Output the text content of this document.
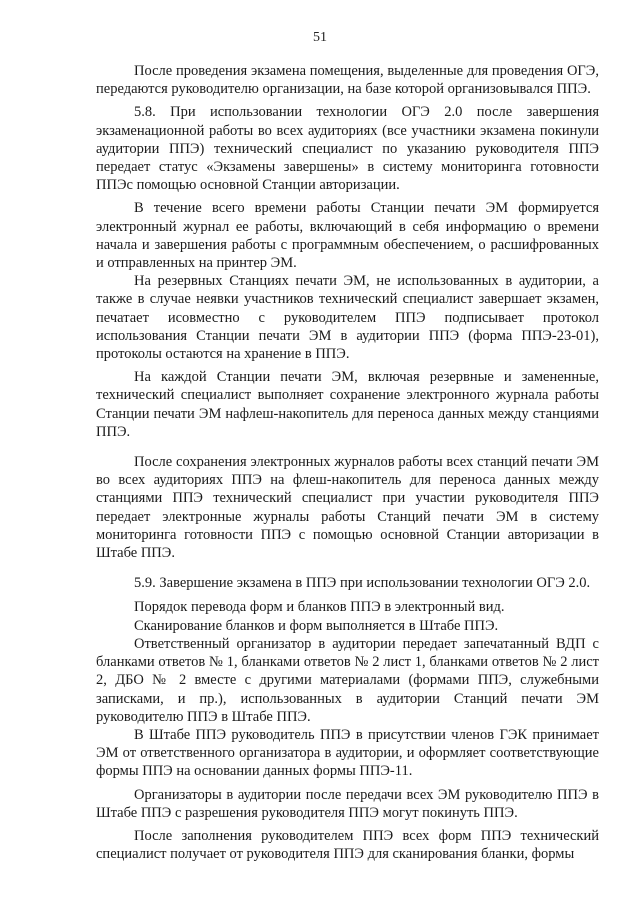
51

После проведения экзамена помещения, выделенные для проведения ОГЭ, передаются руководителю организации, на базе которой организовывался ППЭ.

5.8. При использовании технологии ОГЭ 2.0 после завершения экзаменационной работы во всех аудиториях (все участники экзамена покинули аудитории ППЭ) технический специалист по указанию руководителя ППЭ передает статус «Экзамены завершены» в систему мониторинга готовности ППЭс помощью основной Станции авторизации.

В течение всего времени работы Станции печати ЭМ формируется электронный журнал ее работы, включающий в себя информацию о времени начала и завершения работы с программным обеспечением, о расшифрованных и отправленных на принтер ЭМ.

На резервных Станциях печати ЭМ, не использованных в аудитории, а также в случае неявки участников технический специалист завершает экзамен, печатает исовместно с руководителем ППЭ подписывает протокол использования Станции печати ЭМ в аудитории ППЭ (форма ППЭ-23-01), протоколы остаются на хранение в ППЭ.

На каждой Станции печати ЭМ, включая резервные и замененные, технический специалист выполняет сохранение электронного журнала работы Станции печати ЭМ нафлеш-накопитель для переноса данных между станциями ППЭ.

После сохранения электронных журналов работы всех станций печати ЭМ во всех аудиториях ППЭ на флеш-накопитель для переноса данных между станциями ППЭ технический специалист при участии руководителя ППЭ передает электронные журналы работы Станций печати ЭМ в систему мониторинга готовности ППЭ с помощью основной Станции авторизации в Штабе ППЭ.

5.9. Завершение экзамена в ППЭ при использовании технологии ОГЭ 2.0.

Порядок перевода форм и бланков ППЭ в электронный вид.

Сканирование бланков и форм выполняется в Штабе ППЭ.

Ответственный организатор в аудитории передает запечатанный ВДП с бланками ответов № 1, бланками ответов № 2 лист 1, бланками ответов № 2 лист 2, ДБО № 2 вместе с другими материалами (формами ППЭ, служебными записками, и пр.), использованных в аудитории Станций печати ЭМ руководителю ППЭ в Штабе ППЭ.

В Штабе ППЭ руководитель ППЭ в присутствии членов ГЭК принимает ЭМ от ответственного организатора в аудитории, и оформляет соответствующие формы ППЭ на основании данных формы ППЭ-11.

Организаторы в аудитории после передачи всех ЭМ руководителю ППЭ в Штабе ППЭ с разрешения руководителя ППЭ могут покинуть ППЭ.

После заполнения руководителем ППЭ всех форм ППЭ технический специалист получает от руководителя ППЭ для сканирования бланки, формы
